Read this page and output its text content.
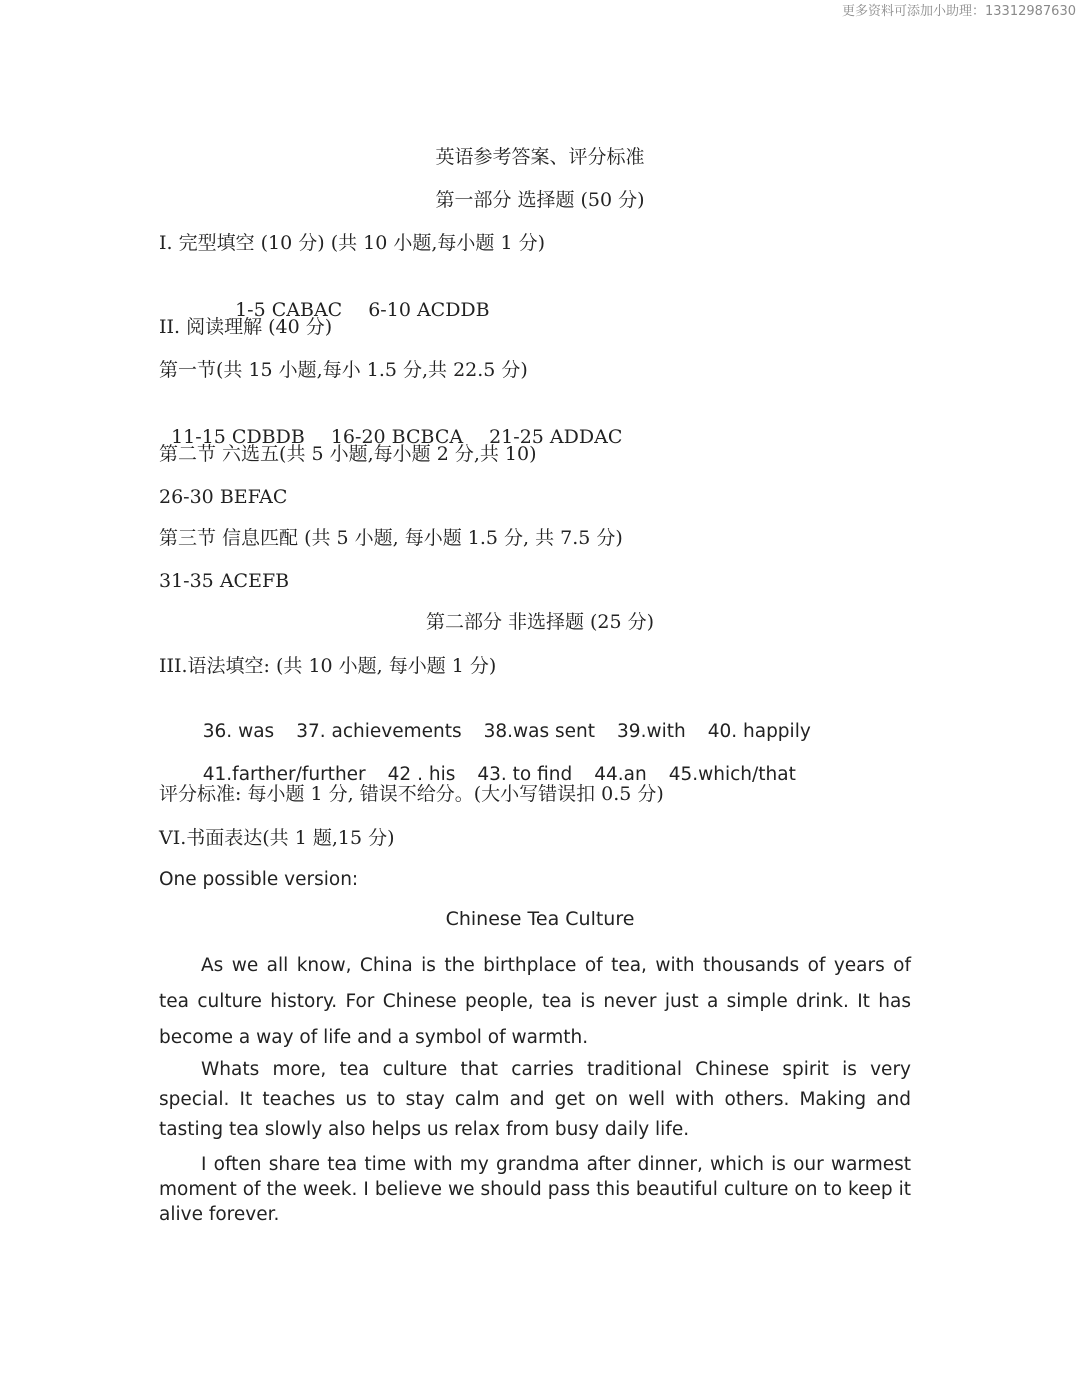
更多资料可添加小助理：13312987630
英语参考答案、评分标准
第一部分 选择题 (50 分)
I. 完型填空 (10 分) (共 10 小题,每小题 1 分)

1-5 CABAC 6-10 ACDDB

II. 阅读理解 (40 分)
第一节(共 15 小题,每小 1.5 分,共 22.5 分)

11-15 CDBDB 16-20 BCBCA 21-25 ADDAC

第二节 六选五(共 5 小题,每小题 2 分,共 10)
26-30 BEFAC
第三节 信息匹配 (共 5 小题, 每小题 1.5 分, 共 7.5 分)
31-35 ACEFB
第二部分 非选择题 (25 分)
III.语法填空: (共 10 小题, 每小题 1 分)

36. was 37. achievements 38.was sent 39.with 40. happily

41.farther/further 42 . his 43. to find 44.an 45.which/that

评分标准: 每小题 1 分, 错误不给分。(大小写错误扣 0.5 分)
VI.书面表达(共 1 题,15 分)
One possible version:
Chinese Tea Culture
As we all know, China is the birthplace of tea, with thousands of years of tea culture history. For Chinese people, tea is never just a simple drink. It has become a way of life and a symbol of warmth.
Whats more, tea culture that carries traditional Chinese spirit is very special. It teaches us to stay calm and get on well with others. Making and tasting tea slowly also helps us relax from busy daily life.
I often share tea time with my grandma after dinner, which is our warmest moment of the week. I believe we should pass this beautiful culture on to keep it alive forever.
